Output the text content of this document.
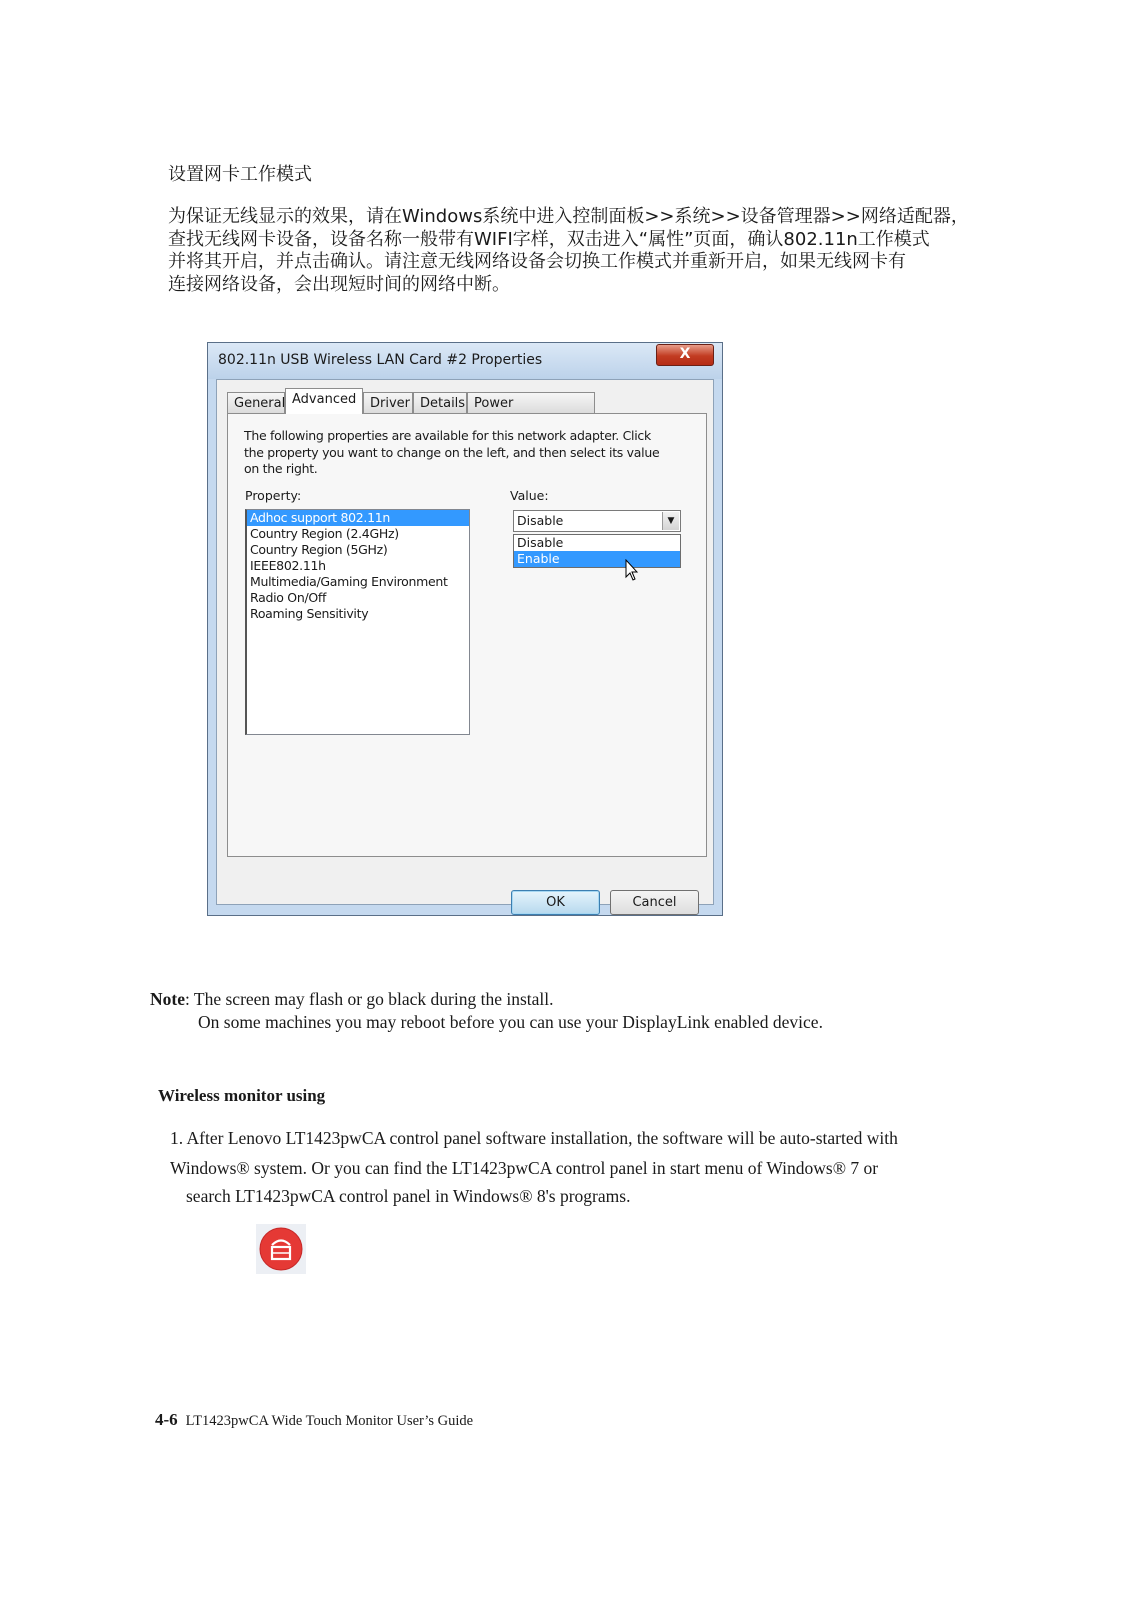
设置网卡工作模式
为保证无线显示的效果，请在Windows系统中进入控制面板>>系统>>设备管理器>>网络适配器，
查找无线网卡设备，设备名称一般带有WIFI字样，双击进入“属性”页面，确认802.11n工作模式
并将其开启，并点击确认。请注意无线网络设备会切换工作模式并重新开启，如果无线网卡有
连接网络设备，会出现短时间的网络中断。
802.11n USB Wireless LAN Card #2 Properties	X
General Advanced	Driver Details Power
The following properties are available for this network adapter. Click the property you want to change on the left, and then select its value on the right.
Property:	Value:
Adhoc support 802.11n
Country Region (2.4GHz)
Country Region (5GHz)
IEEE802.11h
Multimedia/Gaming Environment
Radio On/Off
Roaming Sensitivity
Disable	▼
Disable
Enable
OK	Cancel
Note: The screen may flash or go black during the install.
On some machines you may reboot before you can use your DisplayLink enabled device.
Wireless monitor using
1. After Lenovo LT1423pwCA control panel software installation, the software will be auto-started with
Windows® system. Or you can find the LT1423pwCA control panel in start menu of Windows® 7 or
search LT1423pwCA control panel in Windows® 8's programs.
4-6 LT1423pwCA Wide Touch Monitor User’s Guide
